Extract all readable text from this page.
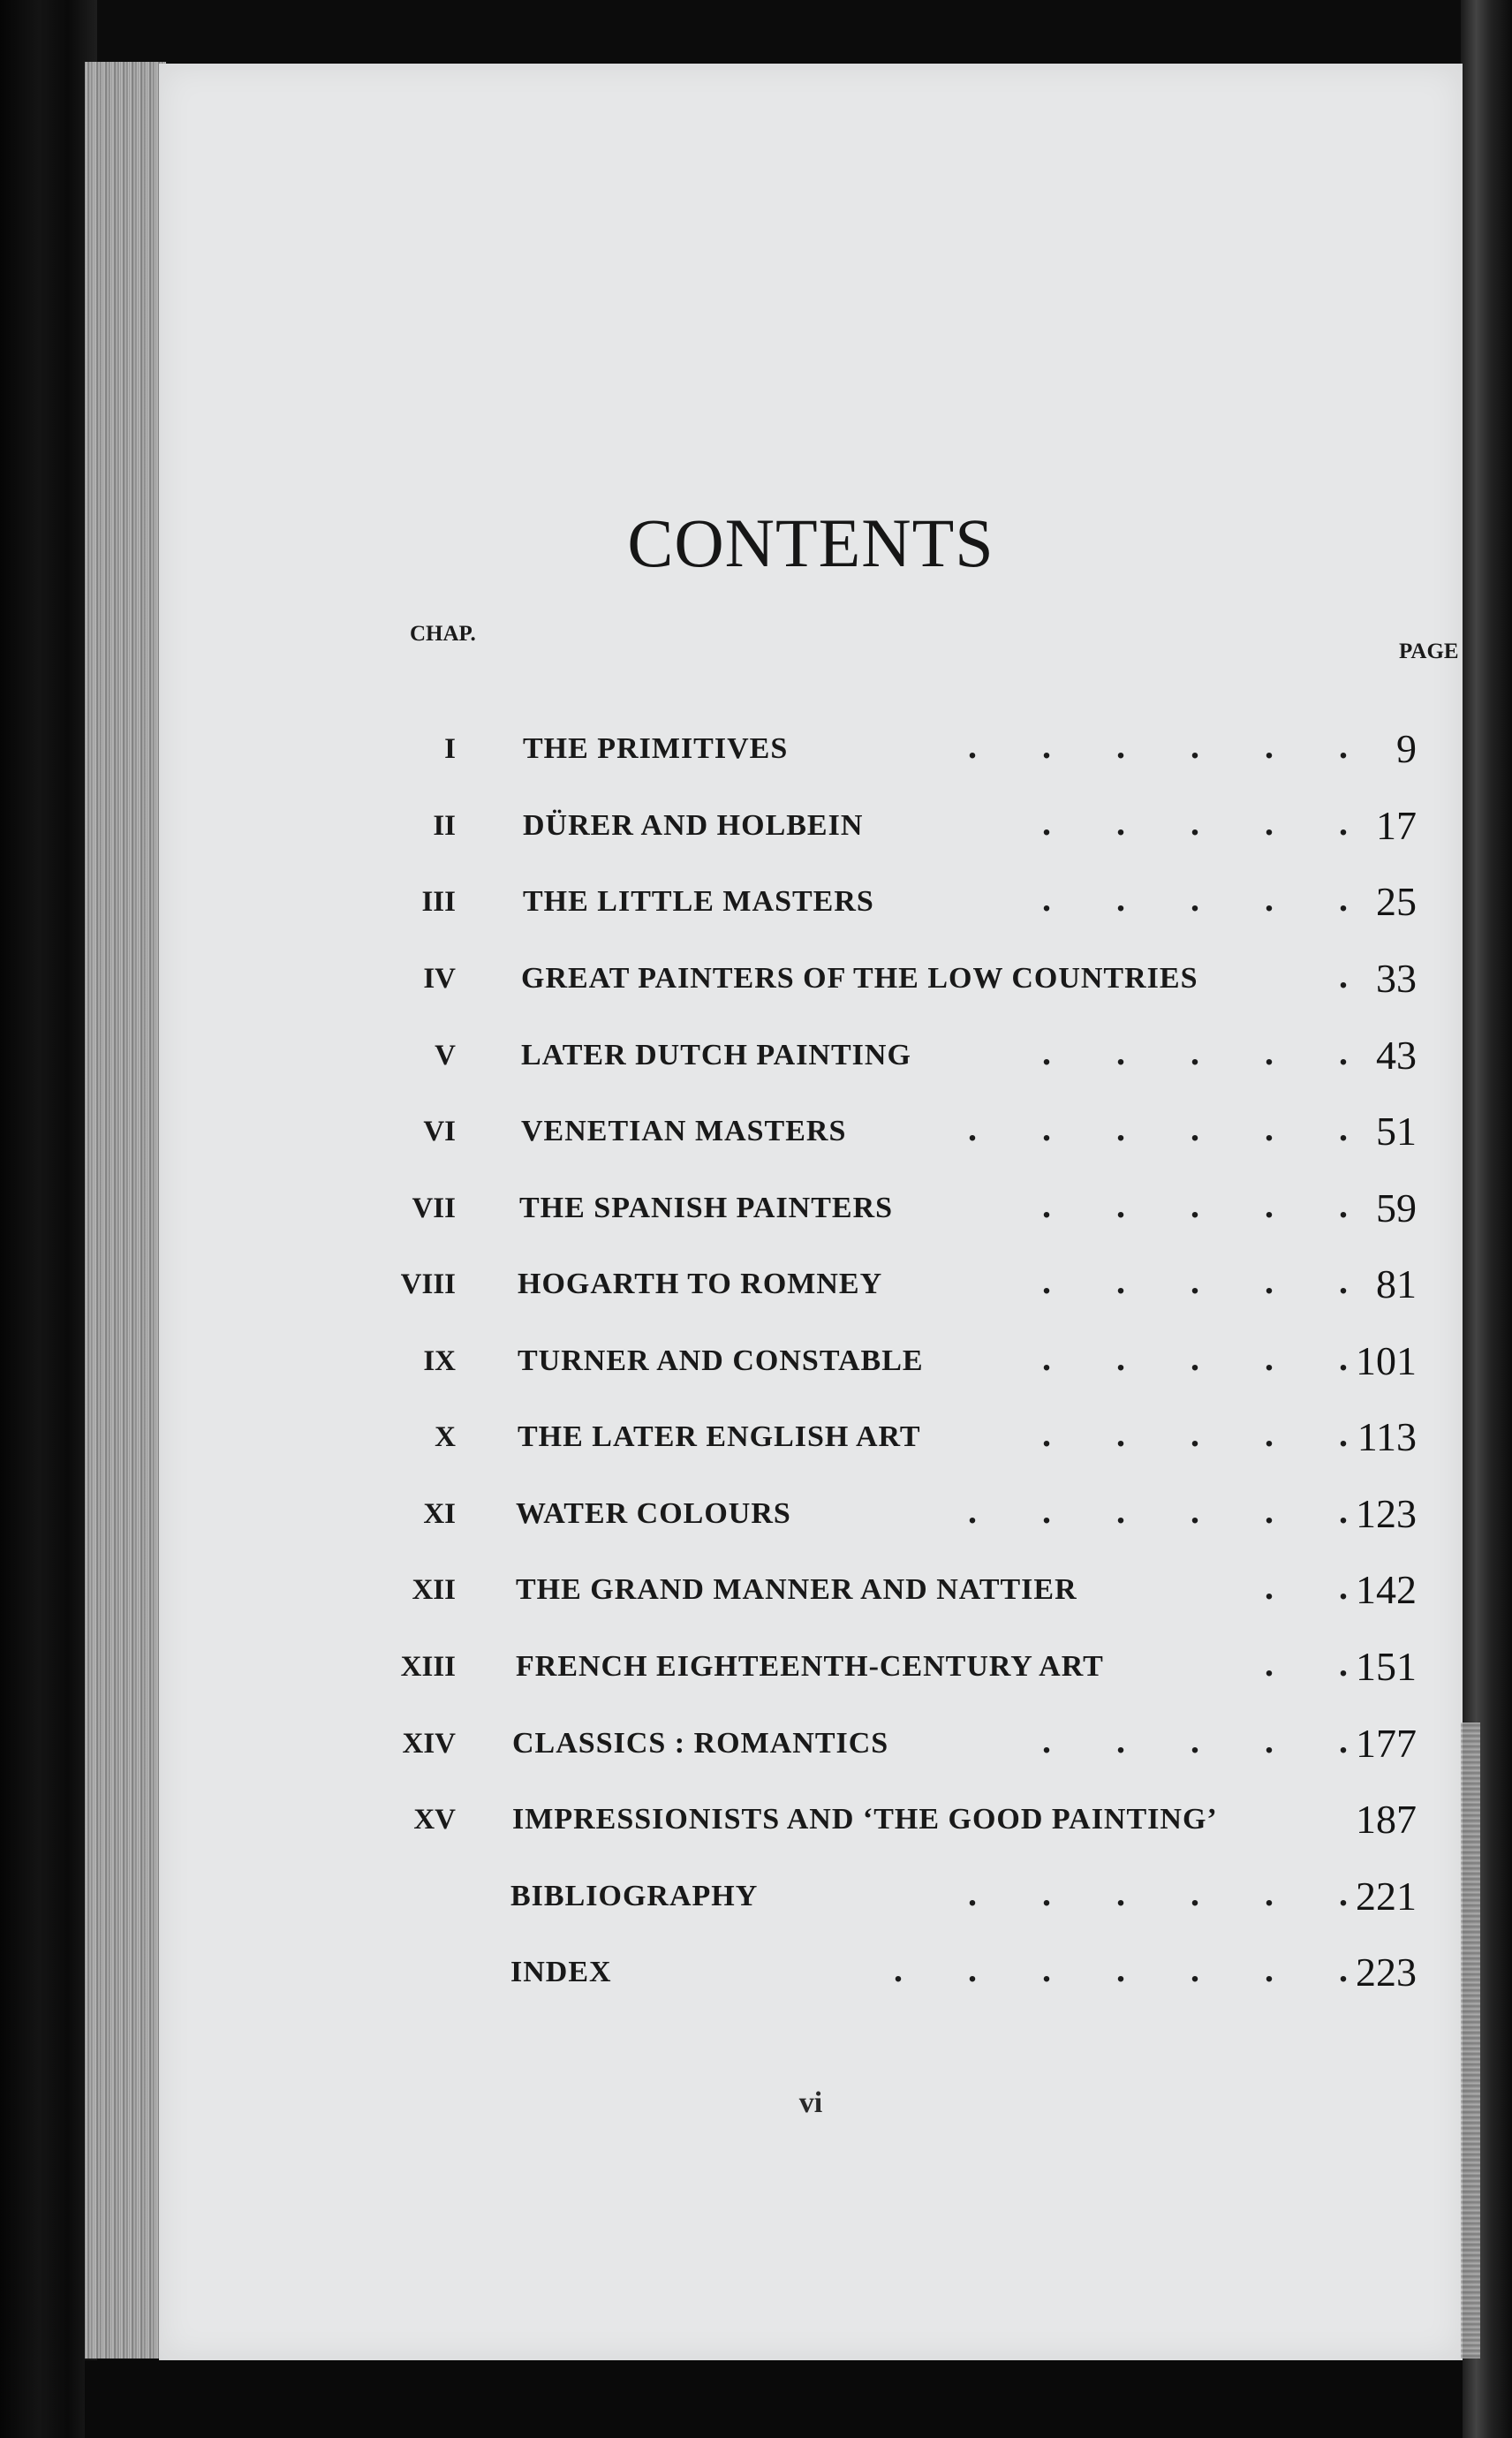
CONTENTS
CHAP.
PAGE
I THE PRIMITIVES	. . . . . . 9
II DÜRER AND HOLBEIN	. . . . . 17
III THE LITTLE MASTERS	. . . . . 25
IV GREAT PAINTERS OF THE LOW COUNTRIES	. 33
V LATER DUTCH PAINTING	. . . . . 43
VI VENETIAN MASTERS	. . . . . . 51
VII THE SPANISH PAINTERS	. . . . . 59
VIII HOGARTH TO ROMNEY	. . . . . 81
IX TURNER AND CONSTABLE	. . . . . 101
X THE LATER ENGLISH ART	. . . . . 113
XI WATER COLOURS	. . . . . . 123
XII THE GRAND MANNER AND NATTIER	. . 142
XIII FRENCH EIGHTEENTH-CENTURY ART	. . 151
XIV CLASSICS : ROMANTICS	. . . . . 177
XV IMPRESSIONISTS AND ‘THE GOOD PAINTING’	187
BIBLIOGRAPHY	. . . . . . 221
INDEX	. . . . . . . 223
vi
